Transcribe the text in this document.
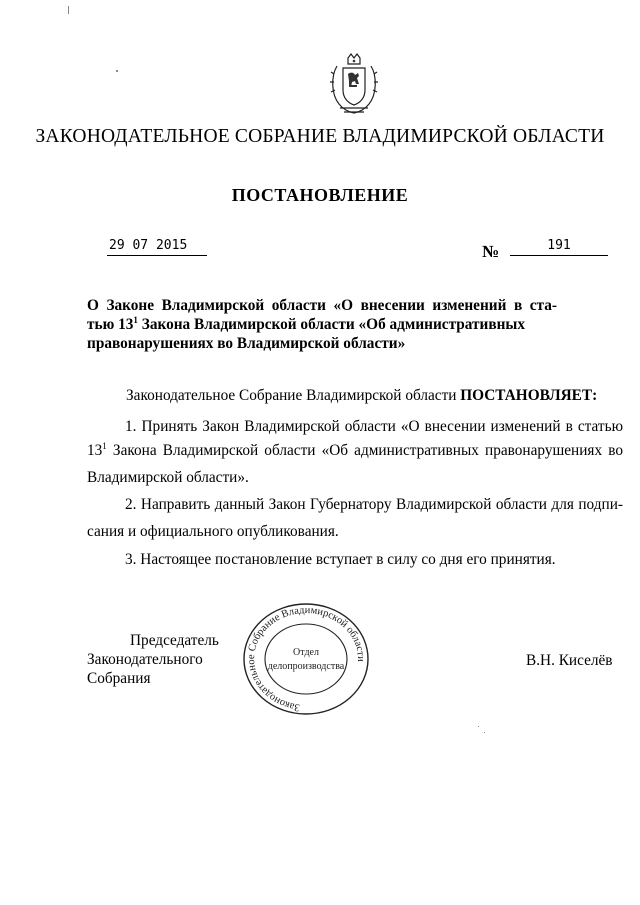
ЗАКОНОДАТЕЛЬНОЕ СОБРАНИЕ ВЛАДИМИРСКОЙ ОБЛАСТИ
ПОСТАНОВЛЕНИЕ
29 07 2015	№	191
О Законе Владимирской области «О внесении изменений в ста-
тью $13^1$ Закона Владимирской области «Об административных
правонарушениях во Владимирской области»
Законодательное Собрание Владимирской области ПОСТАНОВЛЯЕТ:
1. Принять Закон Владимирской области «О внесении изменений в статью
$13^1$ Закона Владимирской области «Об административных правонарушениях во
Владимирской области».
2. Направить данный Закон Губернатору Владимирской области для подпи-
сания и официального опубликования.
3. Настоящее постановление вступает в силу со дня его принятия.
Председатель
Законодательного Собрания
В.Н. Киселёв
Законодательное Собрание Владимирской области
Отдел
делопроизводства
